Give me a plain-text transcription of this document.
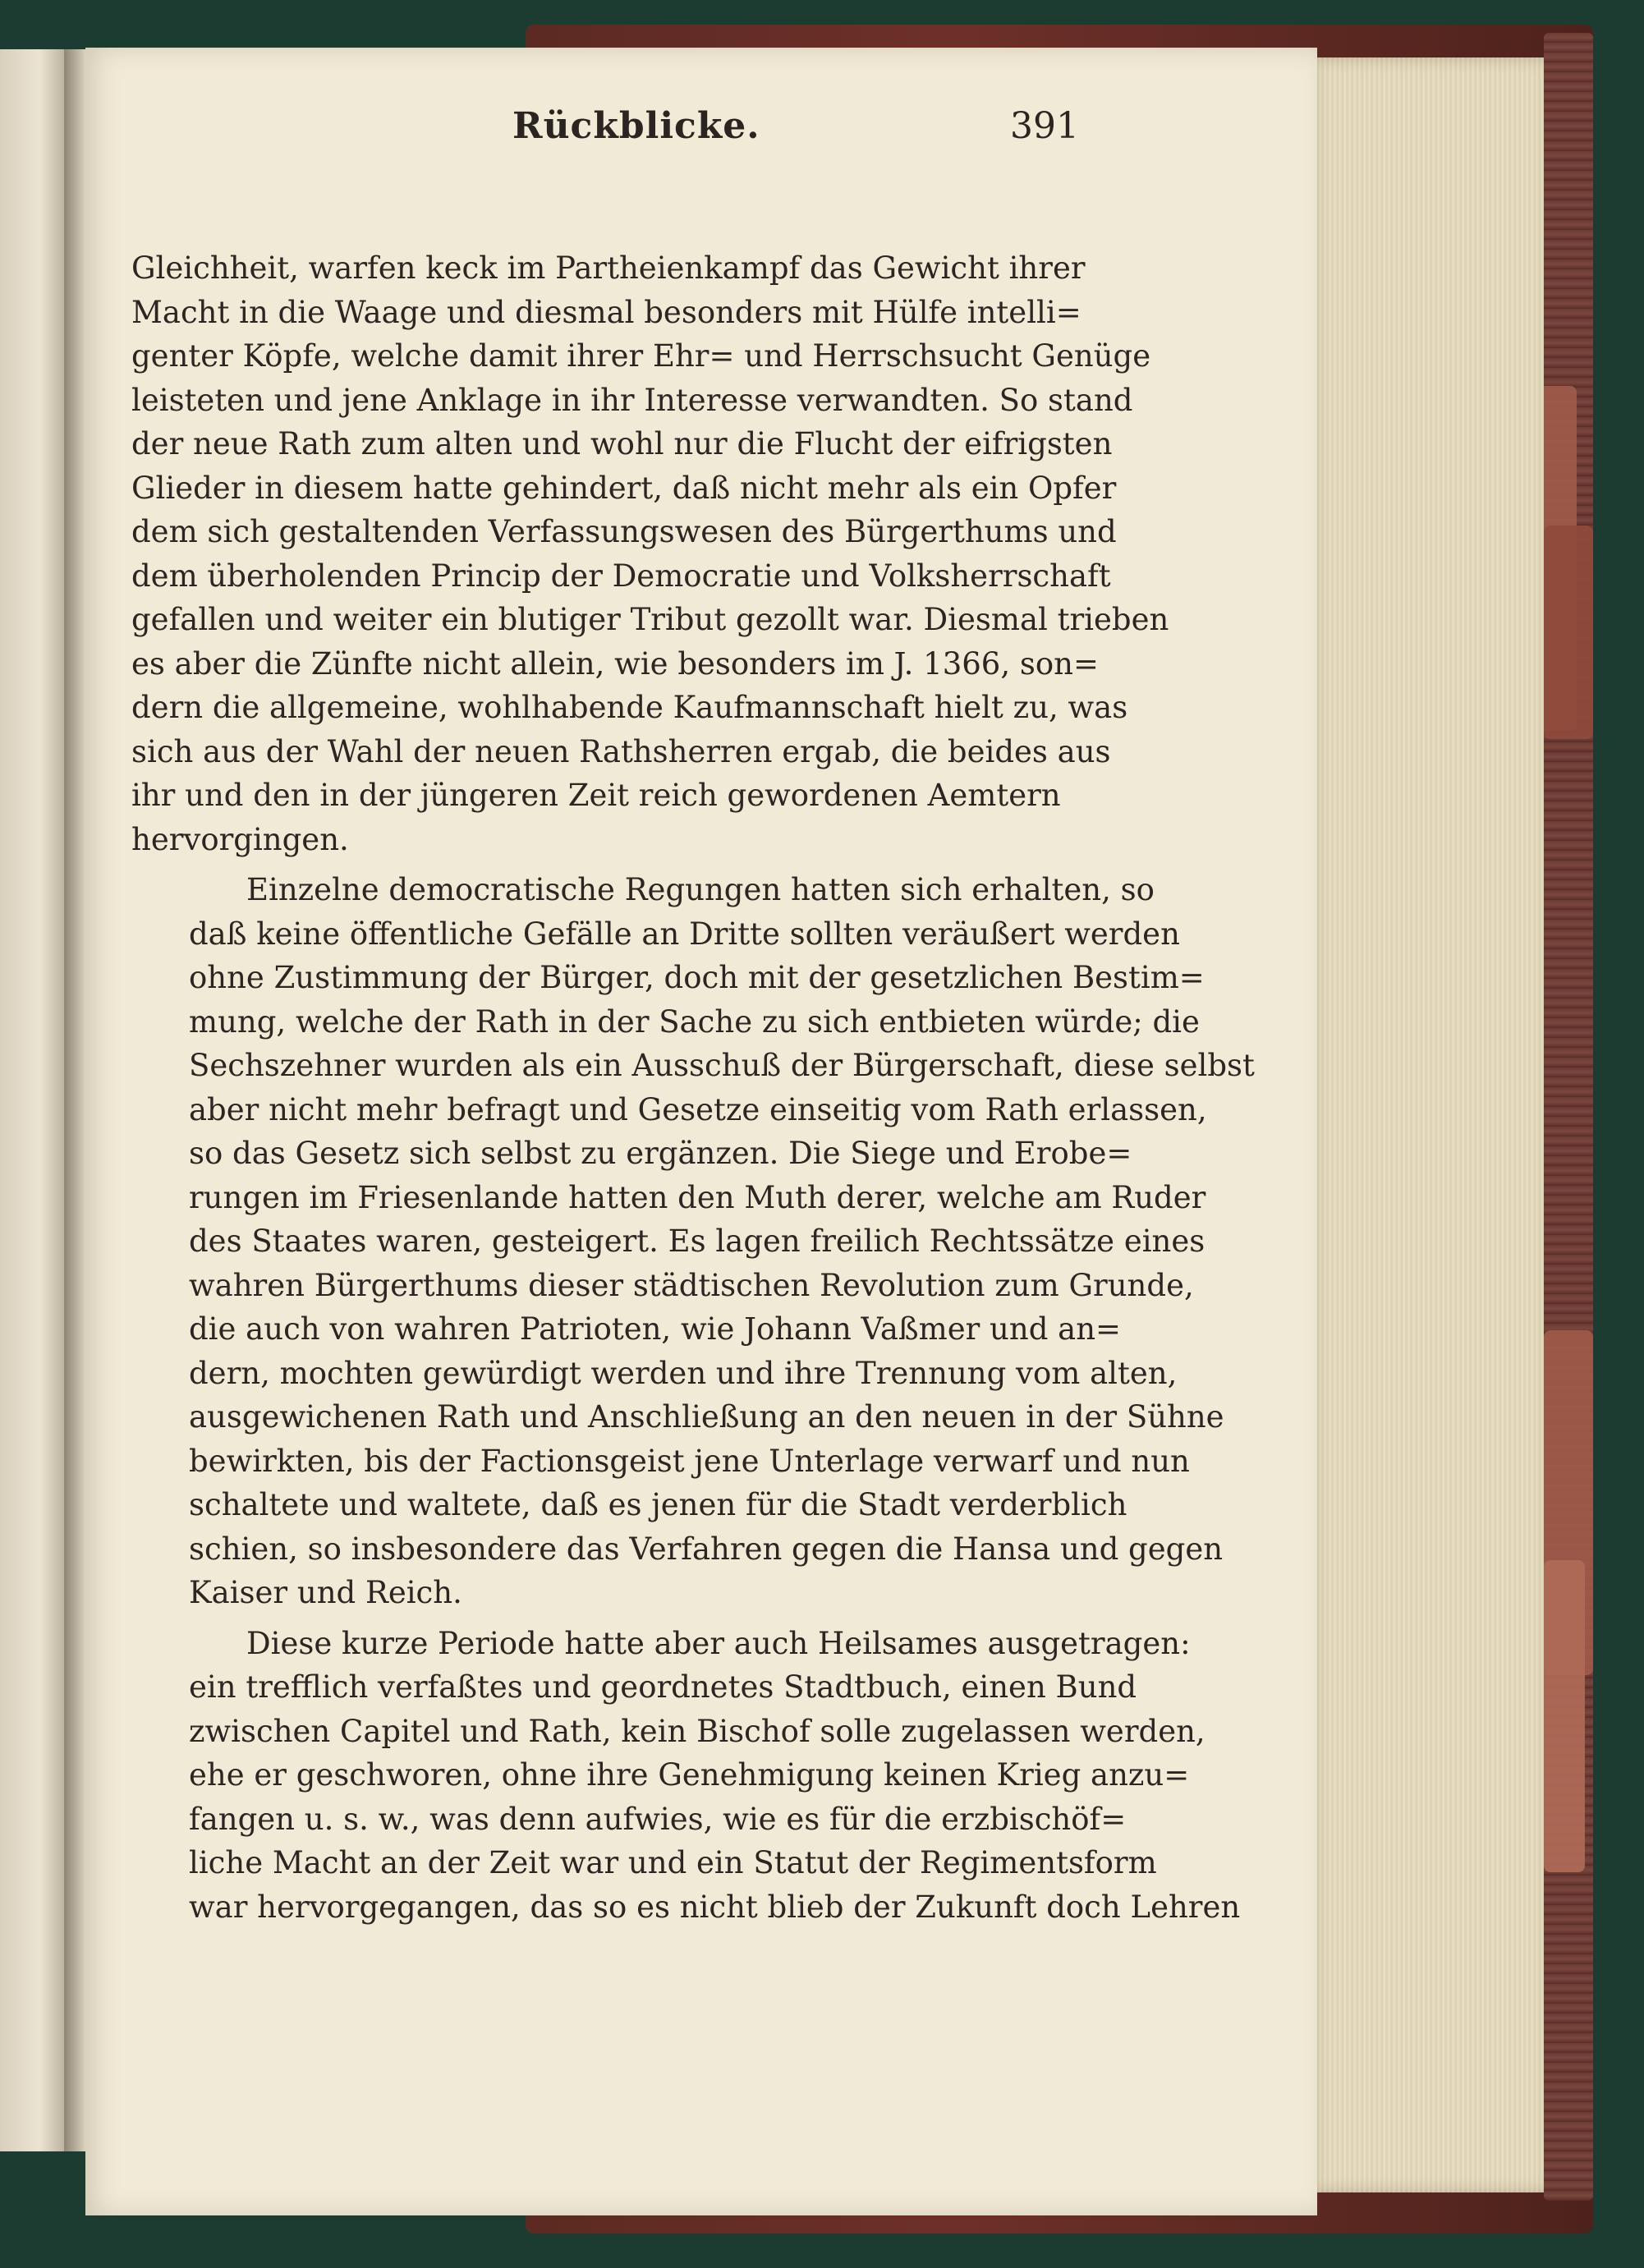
Rückblicke.	391
Gleichheit, warfen keck im Partheienkampf das Gewicht ihrer
Macht in die Waage und diesmal besonders mit Hülfe intelli=
genter Köpfe, welche damit ihrer Ehr= und Herrschsucht Genüge
leisteten und jene Anklage in ihr Interesse verwandten. So stand
der neue Rath zum alten und wohl nur die Flucht der eifrigsten
Glieder in diesem hatte gehindert, daß nicht mehr als ein Opfer
dem sich gestaltenden Verfassungswesen des Bürgerthums und
dem überholenden Princip der Democratie und Volksherrschaft
gefallen und weiter ein blutiger Tribut gezollt war. Diesmal trieben
es aber die Zünfte nicht allein, wie besonders im J. 1366, son=
dern die allgemeine, wohlhabende Kaufmannschaft hielt zu, was
sich aus der Wahl der neuen Rathsherren ergab, die beides aus
ihr und den in der jüngeren Zeit reich gewordenen Aemtern
hervorgingen.
Einzelne democratische Regungen hatten sich erhalten, so
daß keine öffentliche Gefälle an Dritte sollten veräußert werden
ohne Zustimmung der Bürger, doch mit der gesetzlichen Bestim=
mung, welche der Rath in der Sache zu sich entbieten würde; die
Sechszehner wurden als ein Ausschuß der Bürgerschaft, diese selbst
aber nicht mehr befragt und Gesetze einseitig vom Rath erlassen,
so das Gesetz sich selbst zu ergänzen. Die Siege und Erobe=
rungen im Friesenlande hatten den Muth derer, welche am Ruder
des Staates waren, gesteigert. Es lagen freilich Rechtssätze eines
wahren Bürgerthums dieser städtischen Revolution zum Grunde,
die auch von wahren Patrioten, wie Johann Vaßmer und an=
dern, mochten gewürdigt werden und ihre Trennung vom alten,
ausgewichenen Rath und Anschließung an den neuen in der Sühne
bewirkten, bis der Factionsgeist jene Unterlage verwarf und nun
schaltete und waltete, daß es jenen für die Stadt verderblich
schien, so insbesondere das Verfahren gegen die Hansa und gegen
Kaiser und Reich.
Diese kurze Periode hatte aber auch Heilsames ausgetragen:
ein trefflich verfaßtes und geordnetes Stadtbuch, einen Bund
zwischen Capitel und Rath, kein Bischof solle zugelassen werden,
ehe er geschworen, ohne ihre Genehmigung keinen Krieg anzu=
fangen u. s. w., was denn aufwies, wie es für die erzbischöf=
liche Macht an der Zeit war und ein Statut der Regimentsform
war hervorgegangen, das so es nicht blieb der Zukunft doch Lehren
